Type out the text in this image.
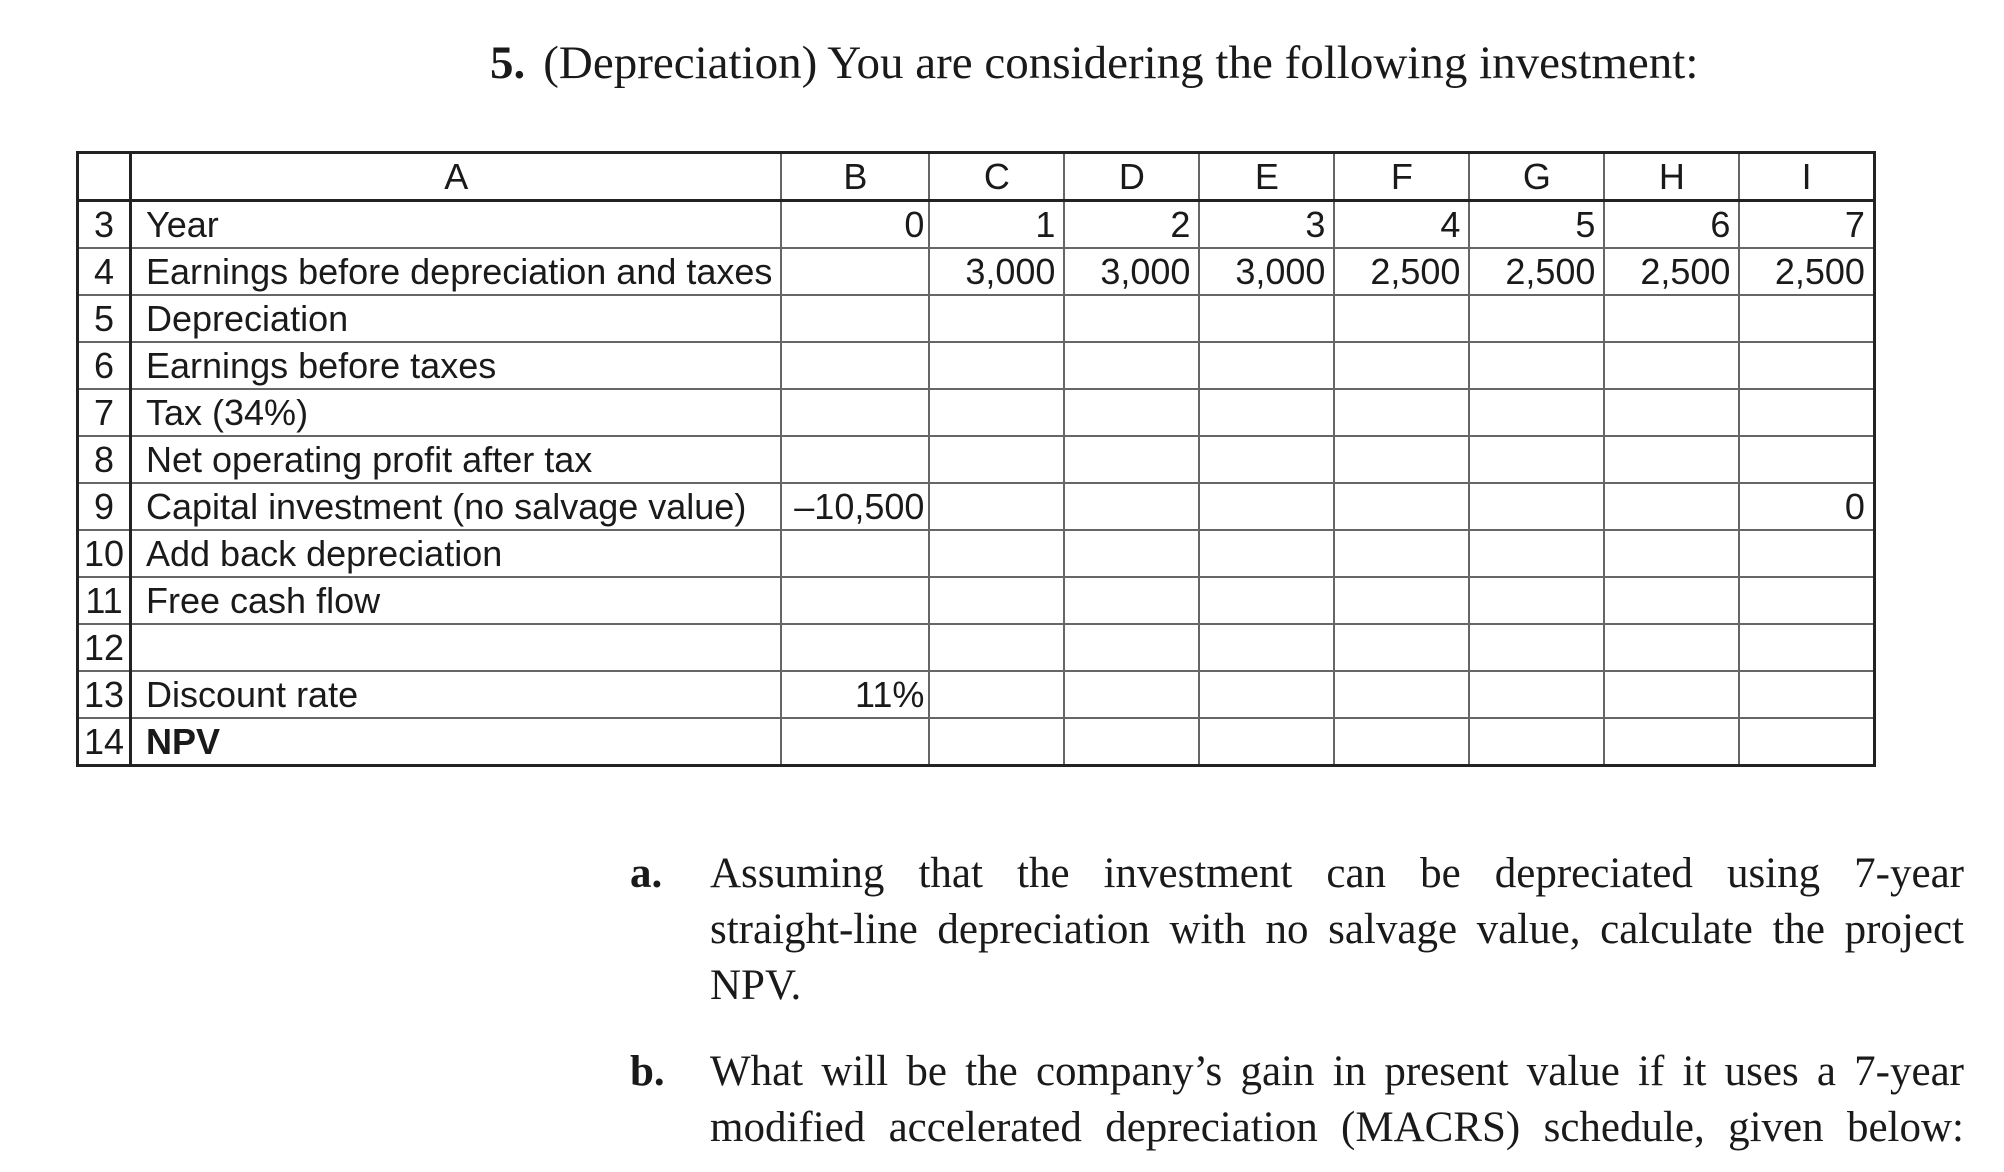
5. (Depreciation) You are considering the following investment:
	A	B	C	D	E	F	G	H	I
3	Year	0	1	2	3	4	5	6	7
4	Earnings before depreciation and taxes		3,000	3,000	3,000	2,500	2,500	2,500	2,500
5	Depreciation								
6	Earnings before taxes								
7	Tax (34%)								
8	Net operating profit after tax								
9	Capital investment (no salvage value)	–10,500							0
10	Add back depreciation								
11	Free cash flow								
12									
13	Discount rate	11%							
14	NPV								
a. Assuming that the investment can be depreciated using 7-year
straight-line depreciation with no salvage value, calculate the project
NPV.
b. What will be the company’s gain in present value if it uses a 7-year
modified accelerated depreciation (MACRS) schedule, given below:
